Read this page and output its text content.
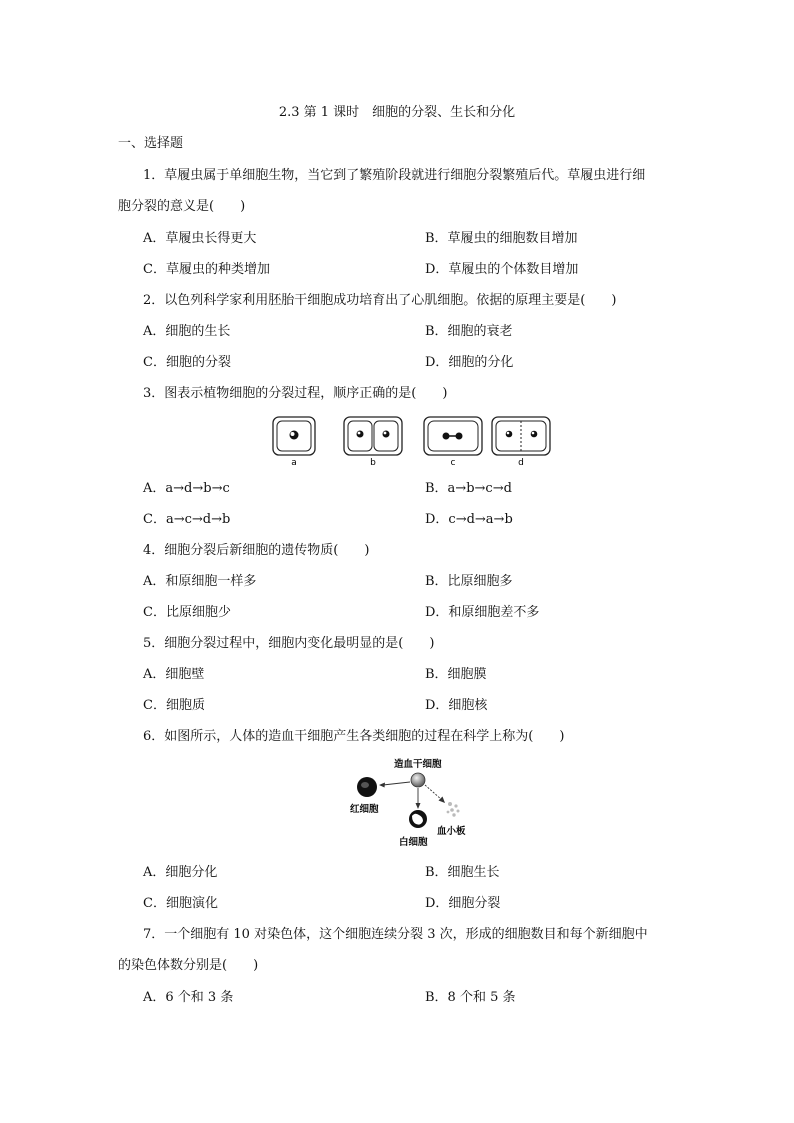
2.3 第 1 课时　细胞的分裂、生长和分化
一、选择题
1．草履虫属于单细胞生物，当它到了繁殖阶段就进行细胞分裂繁殖后代。草履虫进行细
胞分裂的意义是(　　)
A．草履虫长得更大	B．草履虫的细胞数目增加
C．草履虫的种类增加	D．草履虫的个体数目增加
2．以色列科学家利用胚胎干细胞成功培育出了心肌细胞。依据的原理主要是(　　)
A．细胞的生长	B．细胞的衰老
C．细胞的分裂	D．细胞的分化
3．图表示植物细胞的分裂过程，顺序正确的是(　　)
a	b	c	d
A．a→d→b→c	B．a→b→c→d
C．a→c→d→b	D．c→d→a→b
4．细胞分裂后新细胞的遗传物质(　　)
A．和原细胞一样多	B．比原细胞多
C．比原细胞少	D．和原细胞差不多
5．细胞分裂过程中，细胞内变化最明显的是(　　)
A．细胞壁	B．细胞膜
C．细胞质	D．细胞核
6．如图所示，人体的造血干细胞产生各类细胞的过程在科学上称为(　　)
造血干细胞
红细胞
白细胞
血小板
A．细胞分化	B．细胞生长
C．细胞演化	D．细胞分裂
7．一个细胞有 10 对染色体，这个细胞连续分裂 3 次，形成的细胞数目和每个新细胞中
的染色体数分别是(　　)
A．6 个和 3 条	B．8 个和 5 条
